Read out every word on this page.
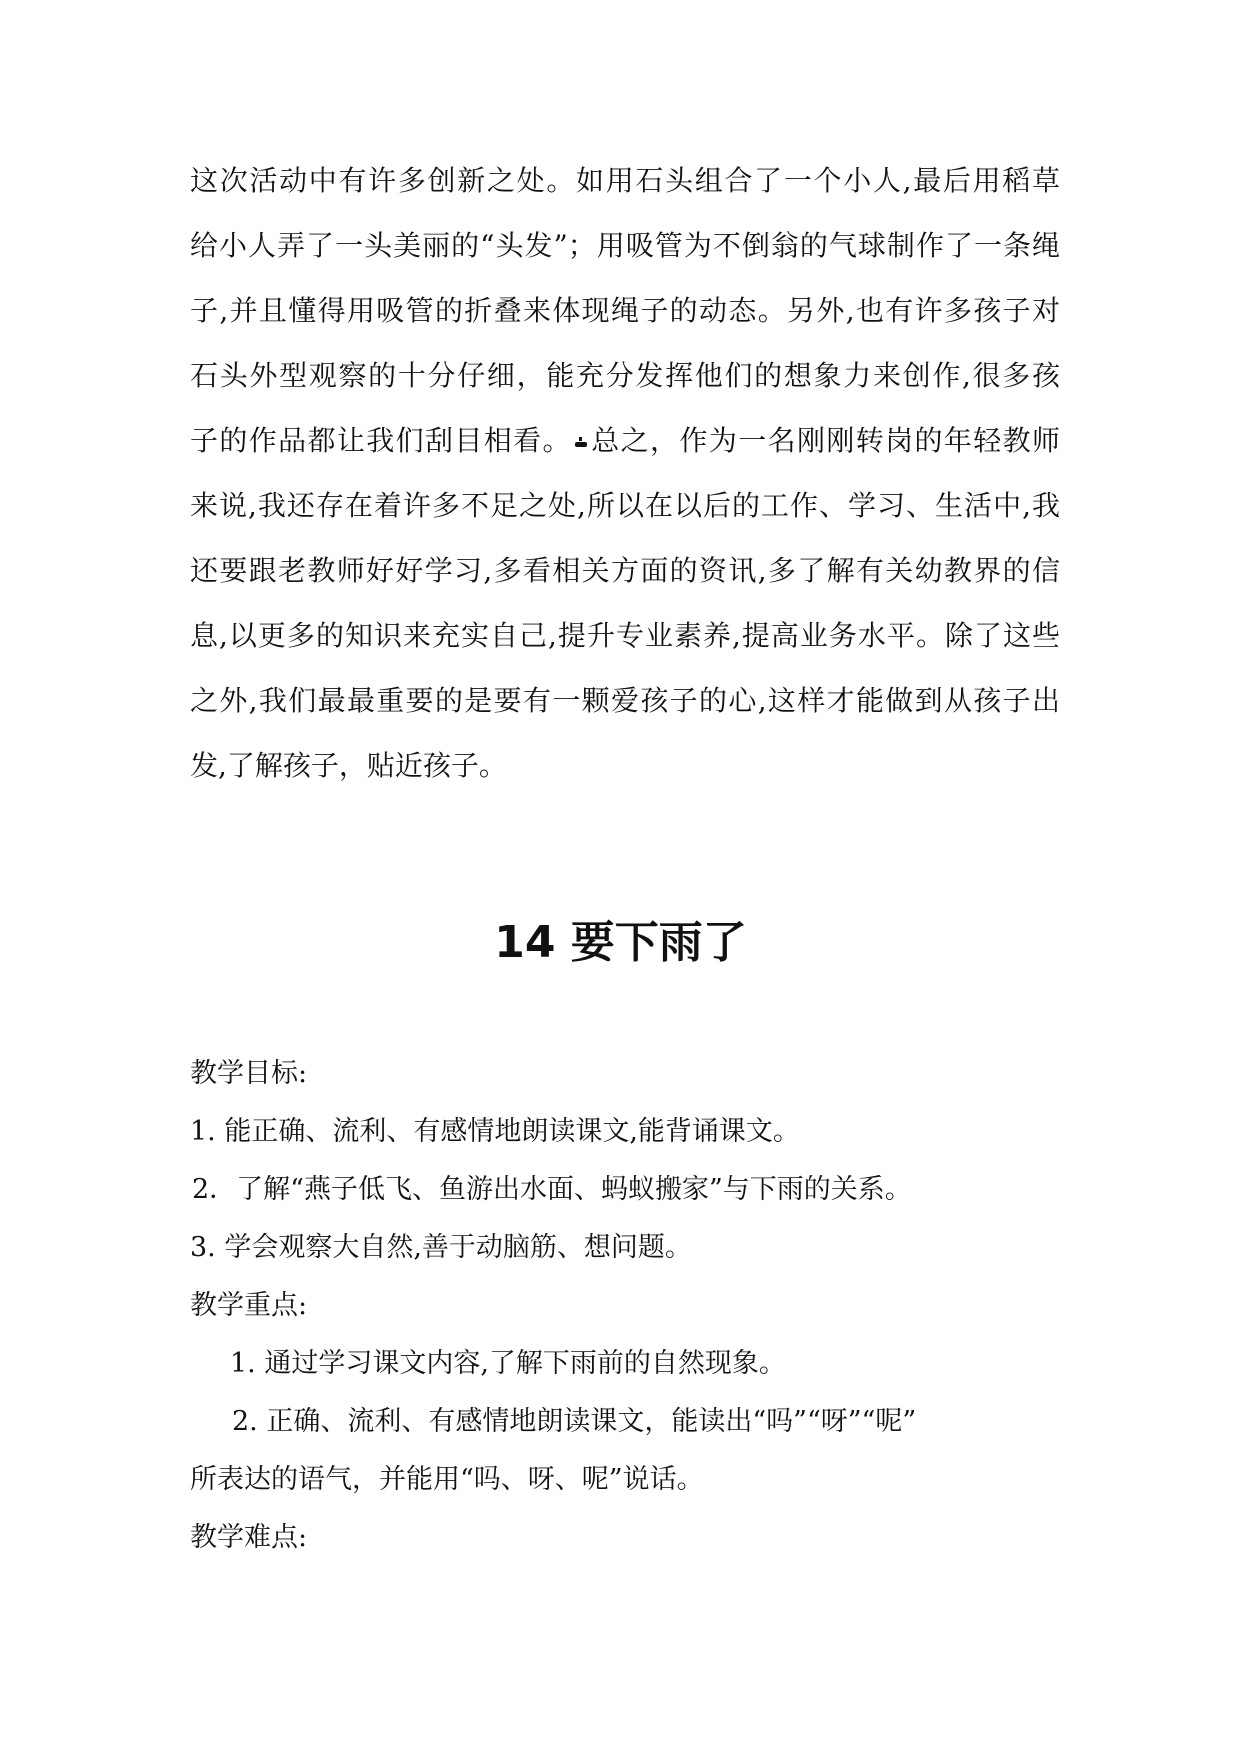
这次活动中有许多创新之处。如用石头组合了一个小人,最后用稻草
给小人弄了一头美丽的“头发”；用吸管为不倒翁的气球制作了一条绳
子,并且懂得用吸管的折叠来体现绳子的动态。另外,也有许多孩子对
石头外型观察的十分仔细，能充分发挥他们的想象力来创作,很多孩
子的作品都让我们刮目相看。 总之，作为一名刚刚转岗的年轻教师
来说,我还存在着许多不足之处,所以在以后的工作、学习、生活中,我
还要跟老教师好好学习,多看相关方面的资讯,多了解有关幼教界的信
息,以更多的知识来充实自己,提升专业素养,提高业务水平。除了这些
之外,我们最最重要的是要有一颗爱孩子的心,这样才能做到从孩子出
发,了解孩子，贴近孩子。
14 要下雨了
教学目标:
1. 能正确、流利、有感情地朗读课文,能背诵课文。
2．了解“燕子低飞、鱼游出水面、蚂蚁搬家”与下雨的关系。
3. 学会观察大自然,善于动脑筋、想问题。
教学重点:
1. 通过学习课文内容,了解下雨前的自然现象。
2. 正确、流利、有感情地朗读课文，能读出“吗”“呀”“呢”
所表达的语气，并能用“吗、呀、呢”说话。
教学难点:
